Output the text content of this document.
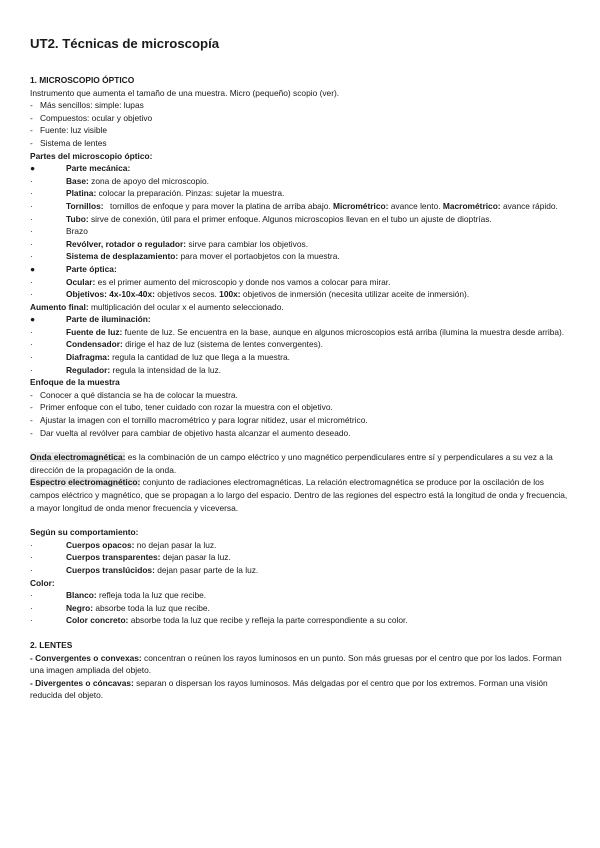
UT2. Técnicas de microscopía
1. MICROSCOPIO ÓPTICO

Instrumento que aumenta el tamaño de una muestra. Micro (pequeño) scopio (ver).

- Más sencillos: simple: lupas
- Compuestos: ocular y objetivo
- Fuente: luz visible
- Sistema de lentes

Partes del microscopio óptico:

●	Parte mecánica:
·	Base: zona de apoyo del microscopio.
·	Platina: colocar la preparación. Pinzas: sujetar la muestra.
·	Tornillos: tornillos de enfoque y para mover la platina de arriba abajo. Micrométrico: avance lento. Macrométrico: avance rápido.

·	Tubo: sirve de conexión, útil para el primer enfoque. Algunos microscopios llevan en el tubo un ajuste de dioptrías.
·	Brazo
·	Revólver, rotador o regulador: sirve para cambiar los objetivos.
·	Sistema de desplazamiento: para mover el portaobjetos con la muestra.
●	Parte óptica:
·	Ocular: es el primer aumento del microscopio y donde nos vamos a colocar para mirar.
·	Objetivos: 4x-10x-40x: objetivos secos. 100x: objetivos de inmersión (necesita utilizar aceite de inmersión).

Aumento final: multiplicación del ocular x el aumento seleccionado.

●	Parte de iluminación:
·	Fuente de luz: fuente de luz. Se encuentra en la base, aunque en algunos microscopios está arriba (ilumina la muestra desde arriba).
·	Condensador: dirige el haz de luz (sistema de lentes convergentes).
·	Diafragma: regula la cantidad de luz que llega a la muestra.
·	Regulador: regula la intensidad de la luz.

Enfoque de la muestra

- Conocer a qué distancia se ha de colocar la muestra.
- Primer enfoque con el tubo, tener cuidado con rozar la muestra con el objetivo.
- Ajustar la imagen con el tornillo macrométrico y para lograr nitidez, usar el micrométrico.
- Dar vuelta al revólver para cambiar de objetivo hasta alcanzar el aumento deseado.

Onda electromagnética: es la combinación de un campo eléctrico y uno magnético perpendiculares entre sí y perpendiculares a su vez a la dirección de la propagación de la onda.

Espectro electromagnético: conjunto de radiaciones electromagnéticas. La relación electromagnética se produce por la oscilación de los campos eléctrico y magnético, que se propagan a lo largo del espacio. Dentro de las regiones del espectro está la longitud de onda y frecuencia, a mayor longitud de onda menor frecuencia y viceversa.

Según su comportamiento:

·	Cuerpos opacos: no dejan pasar la luz.
·	Cuerpos transparentes: dejan pasar la luz.
·	Cuerpos translúcidos: dejan pasar parte de la luz.

Color:

·	Blanco: refleja toda la luz que recibe.
·	Negro: absorbe toda la luz que recibe.
·	Color concreto: absorbe toda la luz que recibe y refleja la parte correspondiente a su color.
2. LENTES

- Convergentes o convexas: concentran o reúnen los rayos luminosos en un punto. Son más gruesas por el centro que por los lados. Forman una imagen ampliada del objeto.

- Divergentes o cóncavas: separan o dispersan los rayos luminosos. Más delgadas por el centro que por los extremos. Forman una visión reducida del objeto.
